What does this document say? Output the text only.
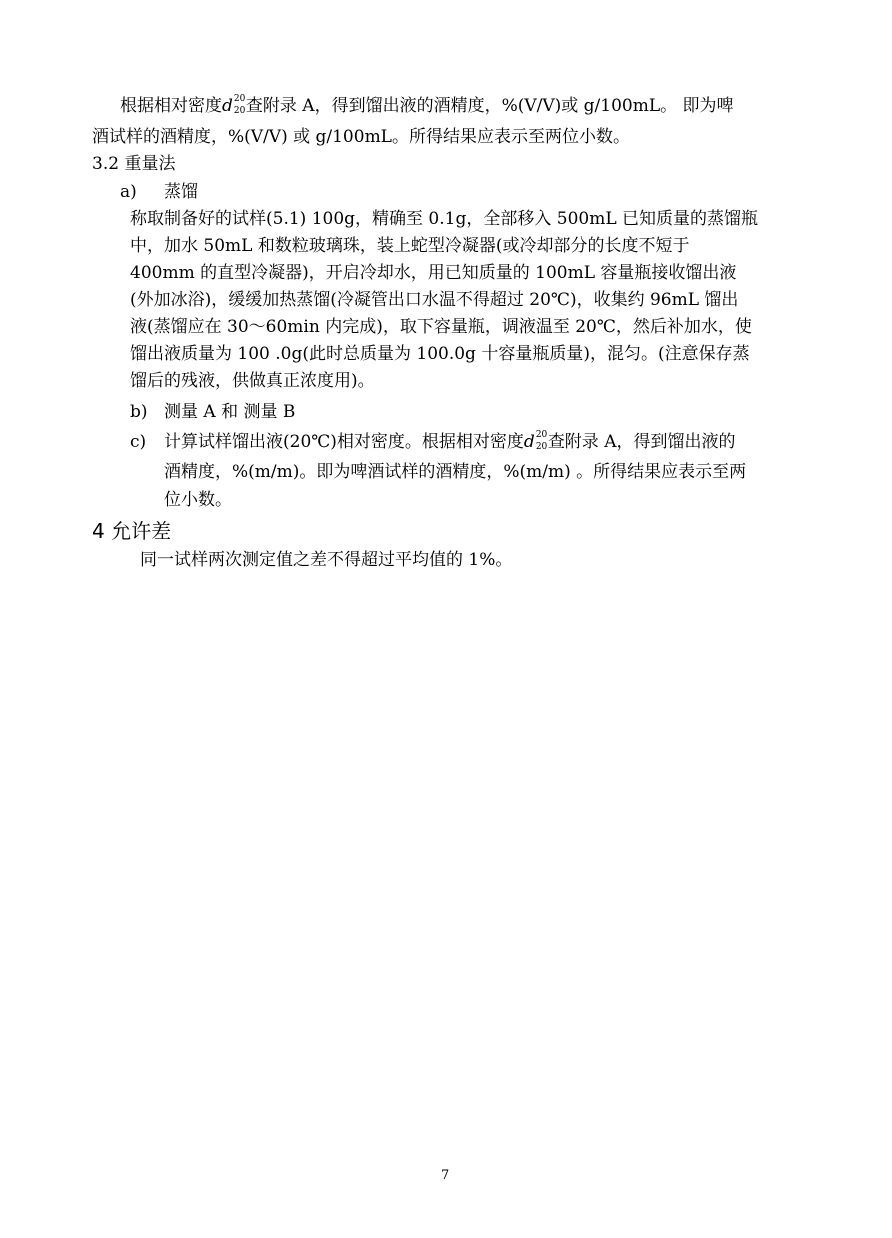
根据相对密度d 20
20 查附录 A，得到馏出液的酒精度，%(V/V)或 g/100mL。 即为啤
酒试样的酒精度，%(V/V) 或 g/100mL。所得结果应表示至两位小数。
3.2 重量法
a) 蒸馏
称取制备好的试样(5.1) 100g，精确至 0.1g，全部移入 500mL 已知质量的蒸馏瓶
中，加水 50mL 和数粒玻璃珠，装上蛇型冷凝器(或冷却部分的长度不短于
400mm 的直型冷凝器)，开启冷却水，用已知质量的 100mL 容量瓶接收馏出液
(外加冰浴)，缓缓加热蒸馏(冷凝管出口水温不得超过 20℃)，收集约 96mL 馏出
液(蒸馏应在 30～60min 内完成)，取下容量瓶，调液温至 20℃，然后补加水，使
馏出液质量为 100 .0g(此时总质量为 100.0g 十容量瓶质量)，混匀。(注意保存蒸
馏后的残液，供做真正浓度用)。
b) 测量 A 和 测量 B
c) 计算试样馏出液(20℃)相对密度。根据相对密度d 20
20 查附录 A，得到馏出液的
酒精度，%(m/m)。即为啤酒试样的酒精度，%(m/m) 。所得结果应表示至两
位小数。
4 允许差
同一试样两次测定值之差不得超过平均值的 1%。
7
